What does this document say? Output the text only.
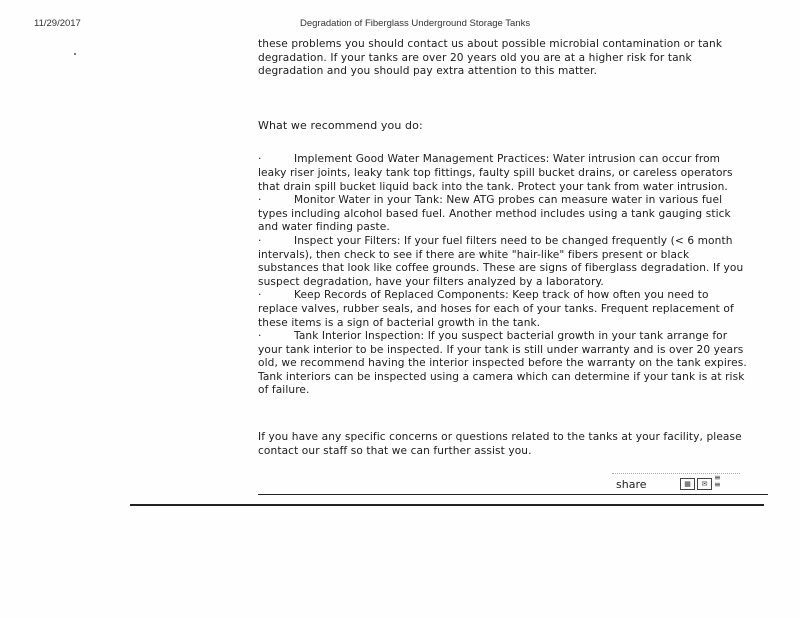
11/29/2017	Degradation of Fiberglass Underground Storage Tanks

these problems you should contact us about possible microbial contamination or tank degradation. If your tanks are over 20 years old you are at a higher risk for tank degradation and you should pay extra attention to this matter.

What we recommend you do:

·	Implement Good Water Management Practices: Water intrusion can occur from leaky riser joints, leaky tank top fittings, faulty spill bucket drains, or careless operators that drain spill bucket liquid back into the tank. Protect your tank from water intrusion.

·	Monitor Water in your Tank: New ATG probes can measure water in various fuel types including alcohol based fuel. Another method includes using a tank gauging stick and water finding paste.

·	Inspect your Filters: If your fuel filters need to be changed frequently (< 6 month intervals), then check to see if there are white "hair-like" fibers present or black substances that look like coffee grounds. These are signs of fiberglass degradation. If you suspect degradation, have your filters analyzed by a laboratory.

·	Keep Records of Replaced Components: Keep track of how often you need to replace valves, rubber seals, and hoses for each of your tanks. Frequent replacement of these items is a sign of bacterial growth in the tank.

·	Tank Interior Inspection: If you suspect bacterial growth in your tank arrange for your tank interior to be inspected. If your tank is still under warranty and is over 20 years old, we recommend having the interior inspected before the warranty on the tank expires. Tank interiors can be inspected using a camera which can determine if your tank is at risk of failure.

If you have any specific concerns or questions related to the tanks at your facility, please contact our staff so that we can further assist you.

share	▦	✉
≡
≡
